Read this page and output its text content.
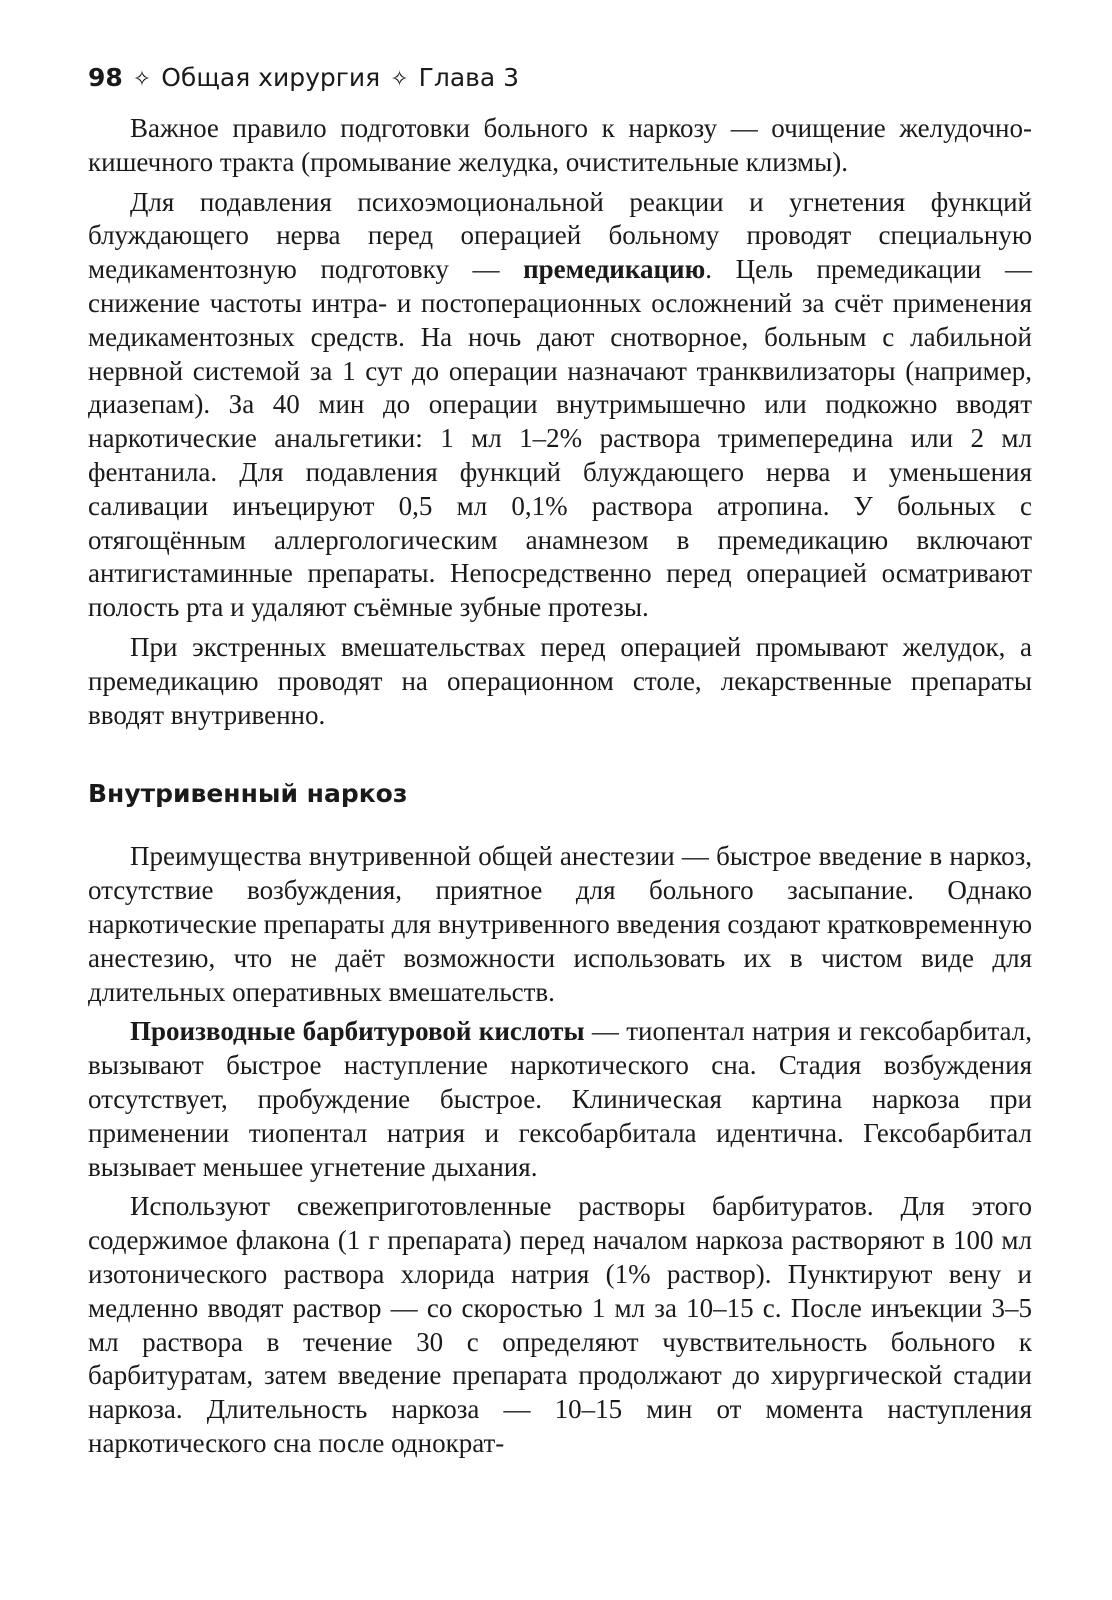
98 ✧ Общая хирургия ✧ Глава 3

Важное правило подготовки больного к наркозу — очищение желудочно-кишечного тракта (промывание желудка, очистительные клизмы).

Для подавления психоэмоциональной реакции и угнетения функций блуждающего нерва перед операцией больному проводят специальную медикаментозную подготовку — премедикацию. Цель премедикации — снижение частоты интра- и постоперационных осложнений за счёт применения медикаментозных средств. На ночь дают снотворное, больным с лабильной нервной системой за 1 сут до операции назначают транквилизаторы (например, диазепам). За 40 мин до операции внутримышечно или подкожно вводят наркотические анальгетики: 1 мл 1–2% раствора тримепередина или 2 мл фентанила. Для подавления функций блуждающего нерва и уменьшения саливации инъецируют 0,5 мл 0,1% раствора атропина. У больных с отягощённым аллергологическим анамнезом в премедикацию включают антигистаминные препараты. Непосредственно перед операцией осматривают полость рта и удаляют съёмные зубные протезы.

При экстренных вмешательствах перед операцией промывают желудок, а премедикацию проводят на операционном столе, лекарственные препараты вводят внутривенно.

Внутривенный наркоз

Преимущества внутривенной общей анестезии — быстрое введение в наркоз, отсутствие возбуждения, приятное для больного засыпание. Однако наркотические препараты для внутривенного введения создают кратковременную анестезию, что не даёт возможности использовать их в чистом виде для длительных оперативных вмешательств.

Производные барбитуровой кислоты — тиопентал натрия и гексобарбитал, вызывают быстрое наступление наркотического сна. Стадия возбуждения отсутствует, пробуждение быстрое. Клиническая картина наркоза при применении тиопентал натрия и гексобарбитала идентична. Гексобарбитал вызывает меньшее угнетение дыхания.

Используют свежеприготовленные растворы барбитуратов. Для этого содержимое флакона (1 г препарата) перед началом наркоза растворяют в 100 мл изотонического раствора хлорида натрия (1% раствор). Пунктируют вену и медленно вводят раствор — со скоростью 1 мл за 10–15 с. После инъекции 3–5 мл раствора в течение 30 с определяют чувствительность больного к барбитуратам, затем введение препарата продолжают до хирургической стадии наркоза. Длительность наркоза — 10–15 мин от момента наступления наркотического сна после однократ-
